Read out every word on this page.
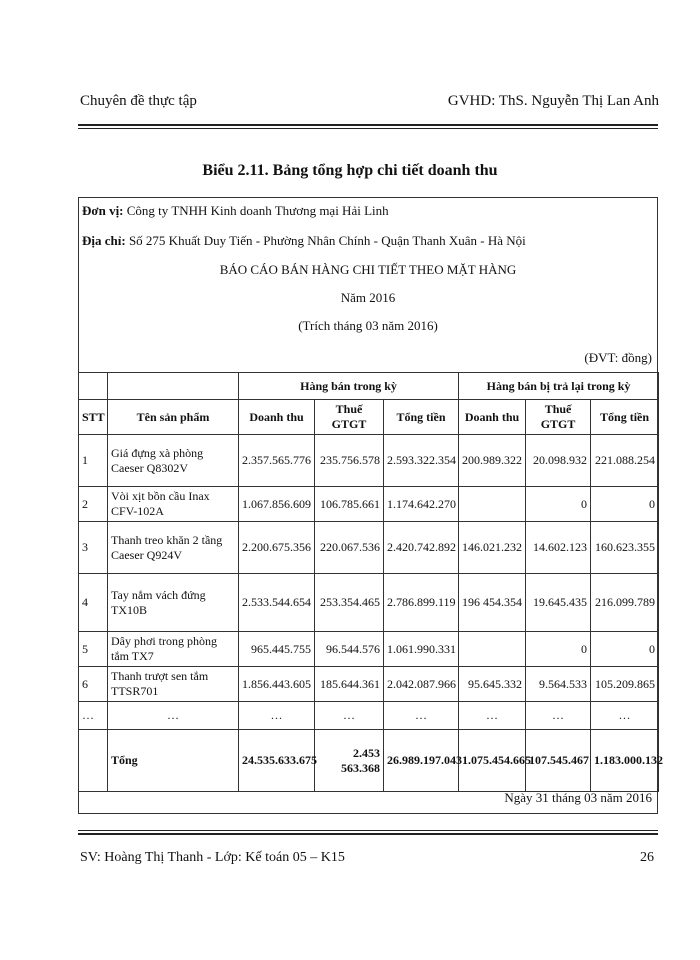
Chuyên đề thực tập	GVHD: ThS. Nguyễn Thị Lan Anh
Biểu 2.11. Bảng tổng hợp chi tiết doanh thu
Đơn vị: Công ty TNHH Kinh doanh Thương mại Hải Linh
Địa chỉ: Số 275 Khuất Duy Tiến - Phường Nhân Chính - Quận Thanh Xuân - Hà Nội
BÁO CÁO BÁN HÀNG CHI TIẾT THEO MẶT HÀNG
Năm 2016
(Trích tháng 03 năm 2016)
(ĐVT: đồng)
		Hàng bán trong kỳ			Hàng bán bị trả lại trong kỳ		
STT	Tên sản phẩm	Doanh thu	Thuế GTGT	Tổng tiền	Doanh thu	Thuế GTGT	Tổng tiền
1	Giá đựng xà phòng Caeser Q8302V	2.357.565.776	235.756.578	2.593.322.354	200.989.322	20.098.932	221.088.254
2	Vòi xịt bồn cầu Inax CFV-102A	1.067.856.609	106.785.661	1.174.642.270		0	0
3	Thanh treo khăn 2 tầng Caeser Q924V	2.200.675.356	220.067.536	2.420.742.892	146.021.232	14.602.123	160.623.355
4	Tay nắm vách đứng TX10B	2.533.544.654	253.354.465	2.786.899.119	196 454.354	19.645.435	216.099.789
5	Dây phơi trong phòng tắm TX7	965.445.755	96.544.576	1.061.990.331		0	0
6	Thanh trượt sen tắm TTSR701	1.856.443.605	185.644.361	2.042.087.966	95.645.332	9.564.533	105.209.865
…	…	…	…	…	…	…	…
	Tổng	24.535.633.675	2.453 563.368	26.989.197.043	1.075.454.665	107.545.467	1.183.000.132
Ngày 31 tháng 03 năm 2016
SV: Hoàng Thị Thanh - Lớp: Kế toán 05 – K15	26
